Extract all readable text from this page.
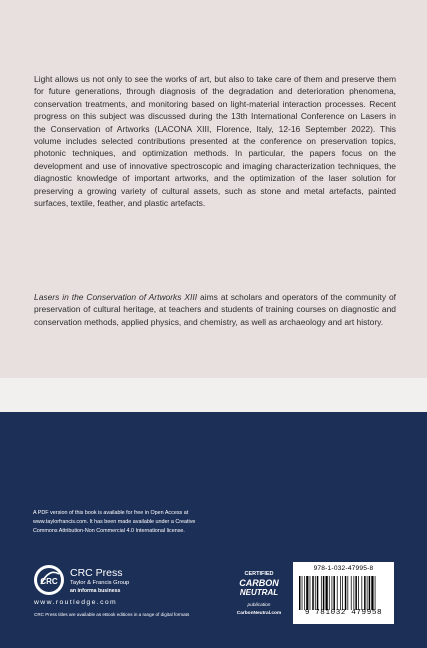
Light allows us not only to see the works of art, but also to take care of them and preserve them for future generations, through diagnosis of the degradation and deterioration phenomena, conservation treatments, and monitoring based on light-material interaction processes. Recent progress on this subject was discussed during the 13th International Conference on Lasers in the Conservation of Artworks (LACONA XIII, Florence, Italy, 12-16 September 2022). This volume includes selected contributions presented at the conference on preservation topics, photonic techniques, and optimization methods. In particular, the papers focus on the development and use of innovative spectroscopic and imaging characterization techniques, the diagnostic knowledge of important artworks, and the optimization of the laser solution for preserving a growing variety of cultural assets, such as stone and metal artefacts, painted surfaces, textile, feather, and plastic artefacts.

Lasers in the Conservation of Artworks XIII aims at scholars and operators of the community of preservation of cultural heritage, at teachers and students of training courses on diagnostic and conservation methods, applied physics, and chemistry, as well as archaeology and art history.

A PDF version of this book is available for free in Open Access at www.taylorfrancis.com. It has been made available under a Creative Commons Attribution-Non Commercial 4.0 International license.

CRC
CRC Press
Taylor & Francis Group
an informa business
www.routledge.com
CRC Press titles are available as eBook editions in a range of digital formats
CERTIFIED
CARBON
NEUTRAL
publication
CarbonNeutral.com
978-1-032-47995-8
9 781032 479958
